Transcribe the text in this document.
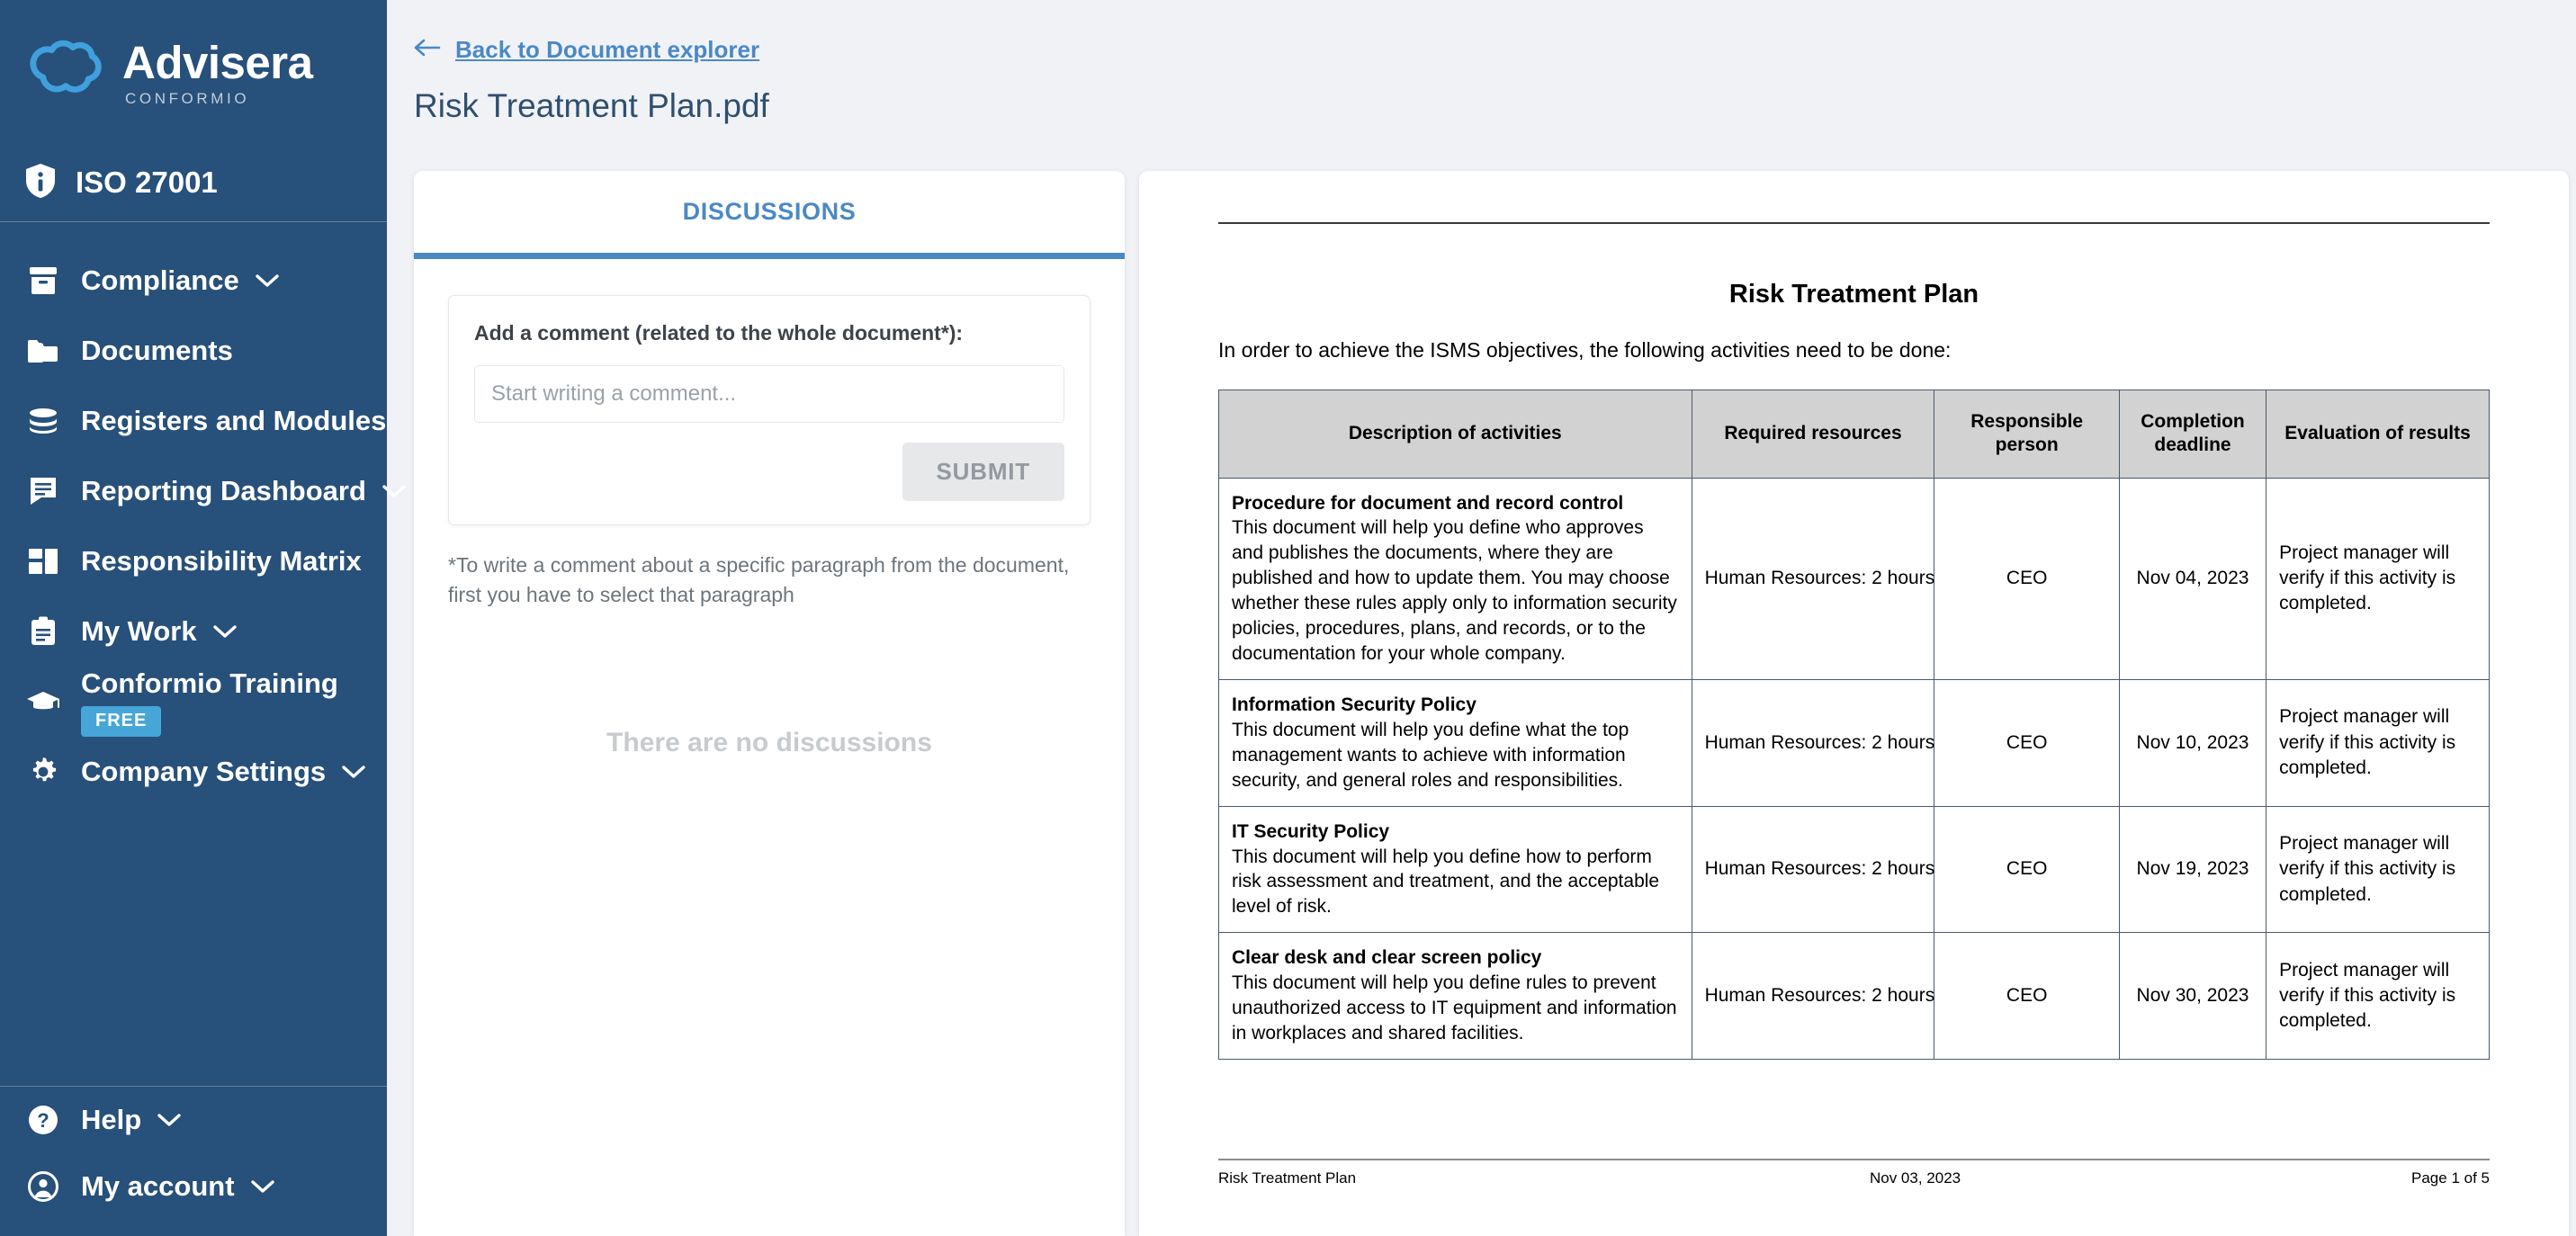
Advisera
CONFORMIO
ISO 27001
Compliance
Documents
Registers and Modules
Reporting Dashboard
Responsibility Matrix
My Work
Conformio Training
FREE
Company Settings
? Help
My account
Back to Document explorer
Risk Treatment Plan.pdf
DISCUSSIONS
Add a comment (related to the whole document*):
Start writing a comment...
SUBMIT
*To write a comment about a specific paragraph from the document, first you have to select that paragraph
There are no discussions
Risk Treatment Plan
In order to achieve the ISMS objectives, the following activities need to be done:
Description of activities	Required resources	Responsible person	Completion deadline	Evaluation of results

Procedure for document and record control
This document will help you define who approves and publishes the documents, where they are published and how to update them. You may choose whether these rules apply only to information security policies, procedures, plans, and records, or to the documentation for your whole company.	Human Resources: 2 hours	CEO	Nov 04, 2023	Project manager will verify if this activity is completed.

Information Security Policy
This document will help you define what the top management wants to achieve with information security, and general roles and responsibilities.	Human Resources: 2 hours	CEO	Nov 10, 2023	Project manager will verify if this activity is completed.

IT Security Policy
This document will help you define how to perform risk assessment and treatment, and the acceptable level of risk.	Human Resources: 2 hours	CEO	Nov 19, 2023	Project manager will verify if this activity is completed.

Clear desk and clear screen policy
This document will help you define rules to prevent unauthorized access to IT equipment and information in workplaces and shared facilities.	Human Resources: 2 hours	CEO	Nov 30, 2023	Project manager will verify if this activity is completed.
Risk Treatment Plan	Nov 03, 2023	Page 1 of 5
